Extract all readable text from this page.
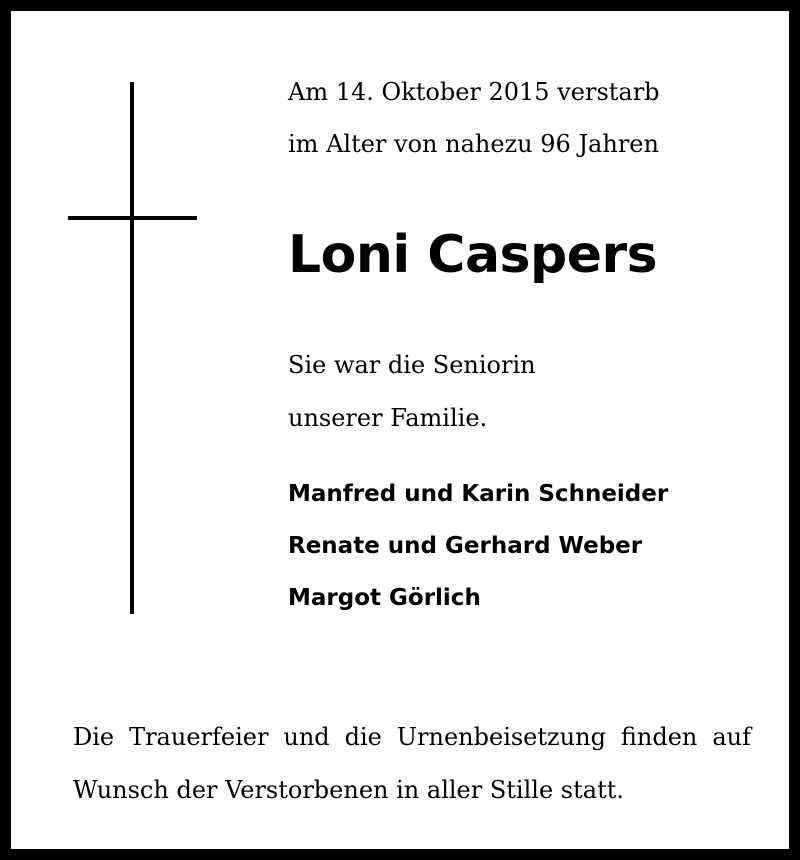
Am 14. Oktober 2015 verstarb
im Alter von nahezu 96 Jahren
Loni Caspers
Sie war die Seniorin
unserer Familie.
Manfred und Karin Schneider
Renate und Gerhard Weber
Margot Görlich
Die Trauerfeier und die Urnenbeisetzung finden auf
Wunsch der Verstorbenen in aller Stille statt.
